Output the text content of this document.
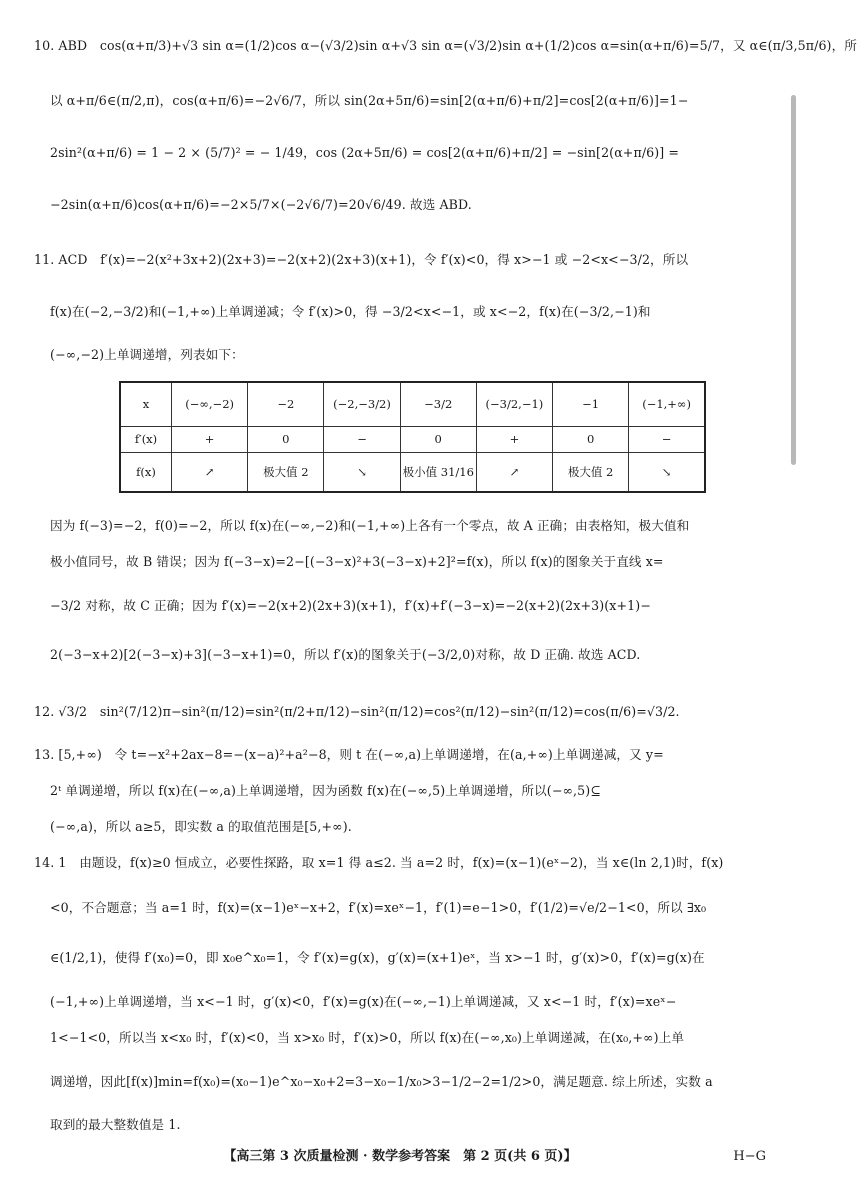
10. ABD　cos(α+π/3)+√3 sin α=(1/2)cos α−(√3/2)sin α+√3 sin α=(√3/2)sin α+(1/2)cos α=sin(α+π/6)=5/7，又 α∈(π/3,5π/6)，所
以 α+π/6∈(π/2,π)，cos(α+π/6)=−2√6/7，所以 sin(2α+5π/6)=sin[2(α+π/6)+π/2]=cos[2(α+π/6)]=1−
2sin²(α+π/6) = 1 − 2 × (5/7)² = − 1/49，cos (2α+5π/6) = cos[2(α+π/6)+π/2] = −sin[2(α+π/6)] =
−2sin(α+π/6)cos(α+π/6)=−2×5/7×(−2√6/7)=20√6/49. 故选 ABD.
11. ACD　f′(x)=−2(x²+3x+2)(2x+3)=−2(x+2)(2x+3)(x+1)，令 f′(x)<0，得 x>−1 或 −2<x<−3/2，所以
f(x)在(−2,−3/2)和(−1,+∞)上单调递减；令 f′(x)>0，得 −3/2<x<−1，或 x<−2，f(x)在(−3/2,−1)和
(−∞,−2)上单调递增，列表如下：
x	(−∞,−2)	−2	(−2,−3/2)	−3/2	(−3/2,−1)	−1	(−1,+∞)
f′(x)	+	0	−	0	+	0	−
f(x)	↗	极大值 2	↘	极小值 31/16	↗	极大值 2	↘
因为 f(−3)=−2，f(0)=−2，所以 f(x)在(−∞,−2)和(−1,+∞)上各有一个零点，故 A 正确；由表格知，极大值和
极小值同号，故 B 错误；因为 f(−3−x)=2−[(−3−x)²+3(−3−x)+2]²=f(x)，所以 f(x)的图象关于直线 x=
−3/2 对称，故 C 正确；因为 f′(x)=−2(x+2)(2x+3)(x+1)，f′(x)+f′(−3−x)=−2(x+2)(2x+3)(x+1)−
2(−3−x+2)[2(−3−x)+3](−3−x+1)=0，所以 f′(x)的图象关于(−3/2,0)对称，故 D 正确. 故选 ACD.
12. √3/2　sin²(7/12)π−sin²(π/12)=sin²(π/2+π/12)−sin²(π/12)=cos²(π/12)−sin²(π/12)=cos(π/6)=√3/2.
13. [5,+∞)　令 t=−x²+2ax−8=−(x−a)²+a²−8，则 t 在(−∞,a)上单调递增，在(a,+∞)上单调递减，又 y=
2ᵗ 单调递增，所以 f(x)在(−∞,a)上单调递增，因为函数 f(x)在(−∞,5)上单调递增，所以(−∞,5)⊆
(−∞,a)，所以 a≥5，即实数 a 的取值范围是[5,+∞).
14. 1　由题设，f(x)≥0 恒成立，必要性探路，取 x=1 得 a≤2. 当 a=2 时，f(x)=(x−1)(eˣ−2)，当 x∈(ln 2,1)时，f(x)
<0，不合题意；当 a=1 时，f(x)=(x−1)eˣ−x+2，f′(x)=xeˣ−1，f′(1)=e−1>0，f′(1/2)=√e/2−1<0，所以 ∃x₀
∈(1/2,1)，使得 f′(x₀)=0，即 x₀e^x₀=1，令 f′(x)=g(x)，g′(x)=(x+1)eˣ，当 x>−1 时，g′(x)>0，f′(x)=g(x)在
(−1,+∞)上单调递增，当 x<−1 时，g′(x)<0，f′(x)=g(x)在(−∞,−1)上单调递减，又 x<−1 时，f′(x)=xeˣ−
1<−1<0，所以当 x<x₀ 时，f′(x)<0，当 x>x₀ 时，f′(x)>0，所以 f(x)在(−∞,x₀)上单调递减，在(x₀,+∞)上单
调递增，因此[f(x)]min=f(x₀)=(x₀−1)e^x₀−x₀+2=3−x₀−1/x₀>3−1/2−2=1/2>0，满足题意. 综上所述，实数 a
取到的最大整数值是 1.
【高三第 3 次质量检测 · 数学参考答案　第 2 页(共 6 页)】	H−G
